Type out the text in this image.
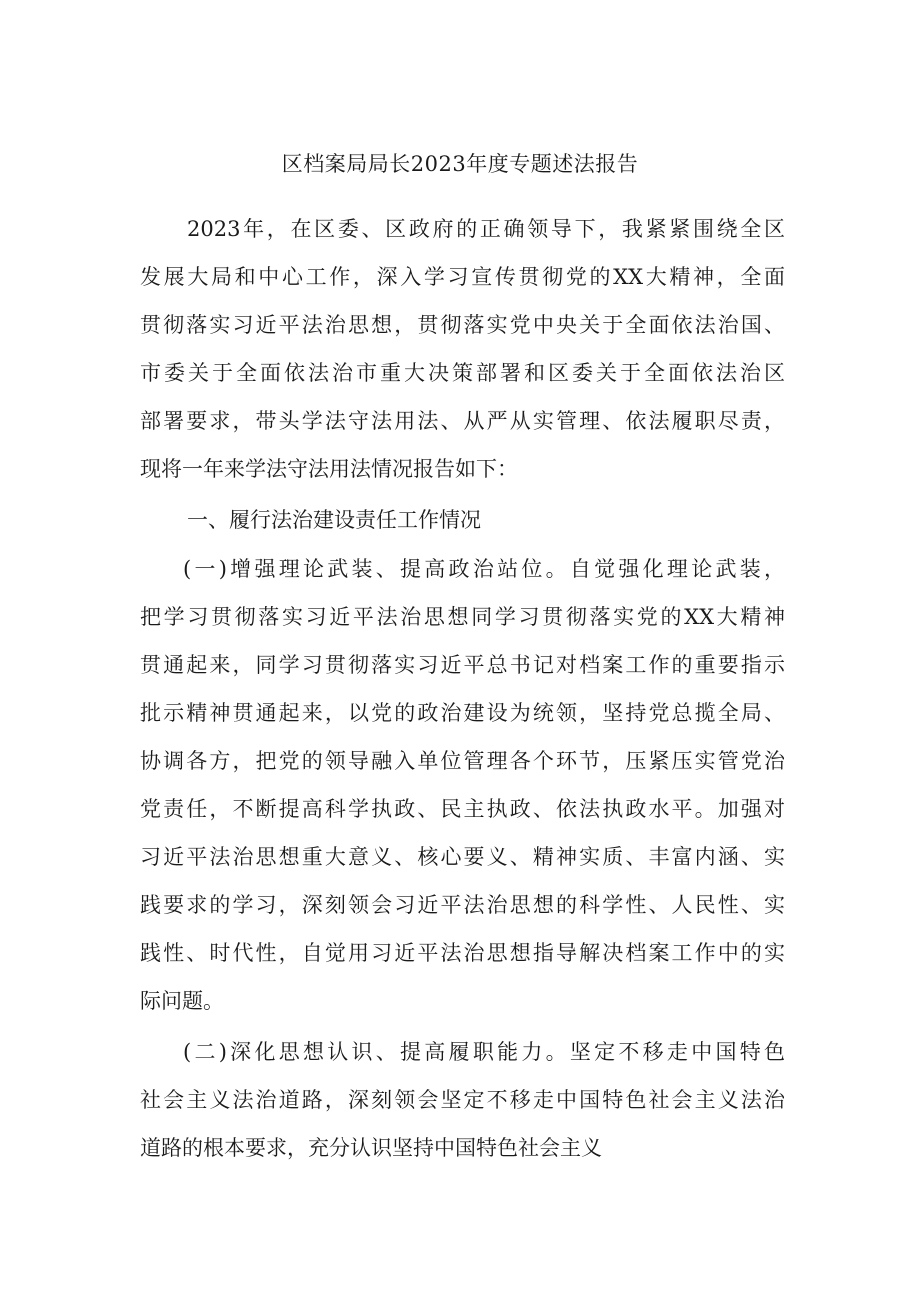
区档案局局长2023年度专题述法报告

2023年，在区委、区政府的正确领导下，我紧紧围绕全区

发展大局和中心工作，深入学习宣传贯彻党的XX大精神，全面

贯彻落实习近平法治思想，贯彻落实党中央关于全面依法治国、

市委关于全面依法治市重大决策部署和区委关于全面依法治区

部署要求，带头学法守法用法、从严从实管理、依法履职尽责，

现将一年来学法守法用法情况报告如下：

一、履行法治建设责任工作情况

(一)增强理论武装、提高政治站位。自觉强化理论武装，

把学习贯彻落实习近平法治思想同学习贯彻落实党的XX大精神

贯通起来，同学习贯彻落实习近平总书记对档案工作的重要指示

批示精神贯通起来，以党的政治建设为统领，坚持党总揽全局、

协调各方，把党的领导融入单位管理各个环节，压紧压实管党治

党责任，不断提高科学执政、民主执政、依法执政水平。加强对

习近平法治思想重大意义、核心要义、精神实质、丰富内涵、实

践要求的学习，深刻领会习近平法治思想的科学性、人民性、实

践性、时代性，自觉用习近平法治思想指导解决档案工作中的实

际问题。

(二)深化思想认识、提高履职能力。坚定不移走中国特色

社会主义法治道路，深刻领会坚定不移走中国特色社会主义法治

道路的根本要求，充分认识坚持中国特色社会主义
